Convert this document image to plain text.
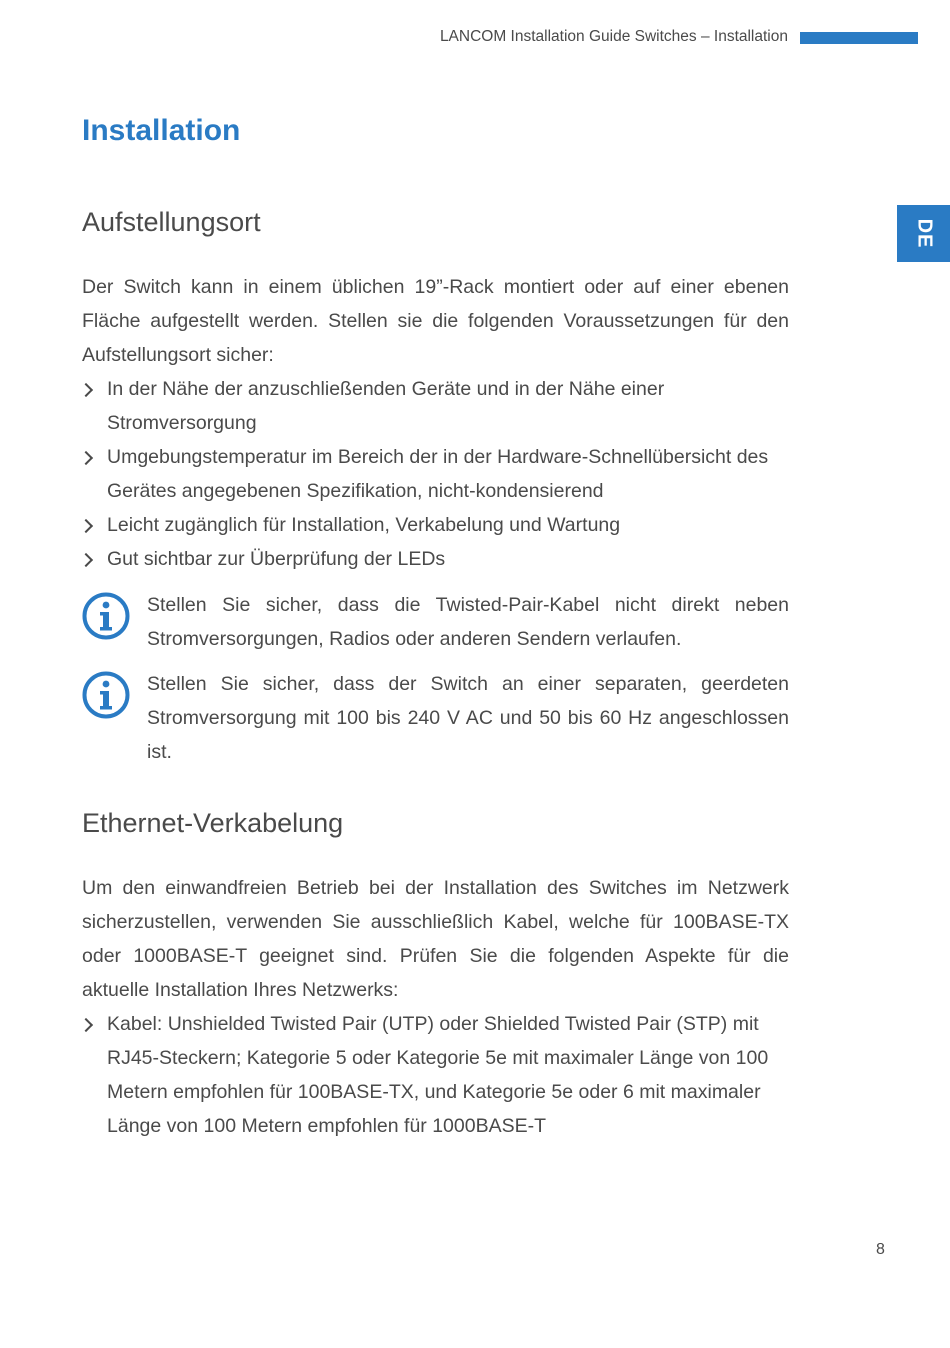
LANCOM Installation Guide Switches – Installation
DE
Installation
Aufstellungsort

Der Switch kann in einem üblichen 19”-Rack montiert oder auf einer ebenen Fläche aufgestellt werden. Stellen sie die folgenden Voraussetzungen für den Aufstellungsort sicher:

In der Nähe der anzuschließenden Geräte und in der Nähe einer Stromversorgung
Umgebungstemperatur im Bereich der in der Hardware-Schnellübersicht des Gerätes angegebenen Spezifikation, nicht-kondensierend
Leicht zugänglich für Installation, Verkabelung und Wartung
Gut sichtbar zur Überprüfung der LEDs

Stellen Sie sicher, dass die Twisted-Pair-Kabel nicht direkt neben Stromversorgungen, Radios oder anderen Sendern verlaufen.

Stellen Sie sicher, dass der Switch an einer separaten, geerdeten Stromversorgung mit 100 bis 240 V AC und 50 bis 60 Hz angeschlossen ist.

Ethernet-Verkabelung

Um den einwandfreien Betrieb bei der Installation des Switches im Netzwerk sicherzustellen, verwenden Sie ausschließlich Kabel, welche für 100BASE-TX oder 1000BASE-T geeignet sind. Prüfen Sie die folgenden Aspekte für die aktuelle Installation Ihres Netzwerks:

Kabel: Unshielded Twisted Pair (UTP) oder Shielded Twisted Pair (STP) mit RJ45-Steckern; Kategorie 5 oder Kategorie 5e mit maximaler Länge von 100 Metern empfohlen für 100BASE-TX, und Kategorie 5e oder 6 mit maximaler Länge von 100 Metern empfohlen für 1000BASE-T
8
